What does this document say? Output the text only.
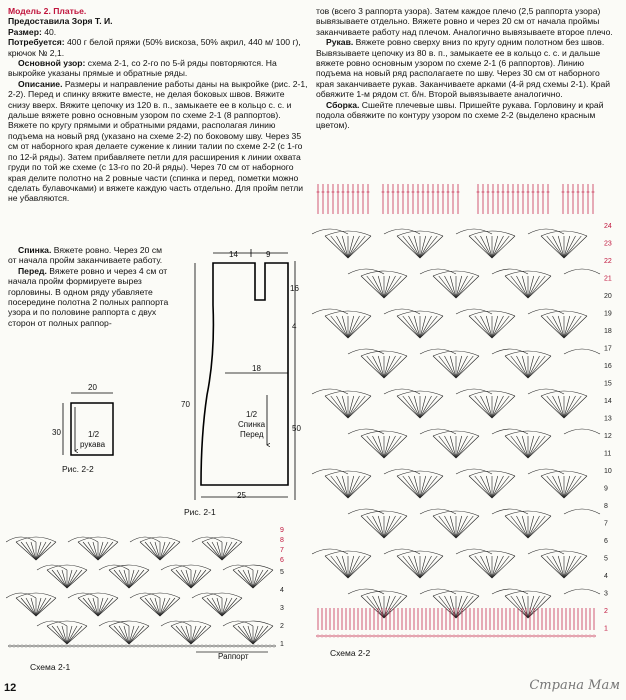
Модель 2. Платье.

Предоставила Зоря Т. И.

Размер: 40.

Потребуется: 400 г белой пряжи (50% вискоза, 50% акрил, 440 м/ 100 г), крючок № 2,1.

Основной узор: схема 2-1, со 2-го по 5-й ряды повторяются. На выкройке указаны прямые и обратные ряды.

Описание. Размеры и направление работы даны на выкройке (рис. 2-1, 2-2). Перед и спинку вяжите вместе, не делая боковых швов. Вяжите снизу вверх. Вяжите цепочку из 120 в. п., замыкаете ее в кольцо с. с. и дальше вяжете ровно основным узором по схеме 2-1 (8 раппортов). Вяжете по кругу прямыми и обратными рядами, располагая линию подъема на новый ряд (указано на схеме 2-2) по боковому шву. Через 35 см от наборного края делаете сужение к линии талии по схеме 2-2 (с 1-го по 12-й ряды). Затем прибавляете петли для расширения к линии охвата груди по той же схеме (с 13-го по 20-й ряды). Через 70 см от наборного края делите полотно на 2 ровные части (спинка и перед, пометки можно сделать булавочками) и вяжете каждую часть отдельно. Для пройм петли не убавляются.

Спинка. Вяжете ровно. Через 20 см от начала пройм заканчиваете работу.

Перед. Вяжете ровно и через 4 см от начала пройм формируете вырез горловины. В одном ряду убавляете посередине полотна 2 полных раппорта узора и по половине раппорта с двух сторон от полных раппор-

тов (всего 3 раппорта узора). Затем каждое плечо (2,5 раппорта узора) вывязываете отдельно. Вяжете ровно и через 20 см от начала проймы заканчиваете работу над плечом. Аналогично вывязываете второе плечо.

Рукав. Вяжете ровно сверху вниз по кругу одним полотном без швов. Вывязываете цепочку из 80 в. п., замыкаете ее в кольцо с. с. и дальше вяжете ровно основным узором по схеме 2-1 (6 раппортов). Линию подъема на новый ряд располагаете по шву. Через 30 см от наборного края заканчиваете рукав. Заканчиваете арками (4-й ряд схемы 2-1). Край обвяжите 1-м рядом ст. б/н. Второй вывязываете аналогично.

Сборка. Сшейте плечевые швы. Пришейте рукава. Горловину и край подола обвяжите по контуру узором по схеме 2-2 (выделено красным цветом).

20
30	1/2
рукава
Рис. 2-2
14	9
16
4
18
70
50
1/2
Спинка
Перед
25
Рис. 2-1
9
8
7
6
5
4
3
2
1
Раппорт
Схема 2-1
24
23
22
21
20
19
18
17
16
15
14
13
12
11
10
9
8
7
6
5
4
3
2
1
Схема 2-2
12	Страна Мам
